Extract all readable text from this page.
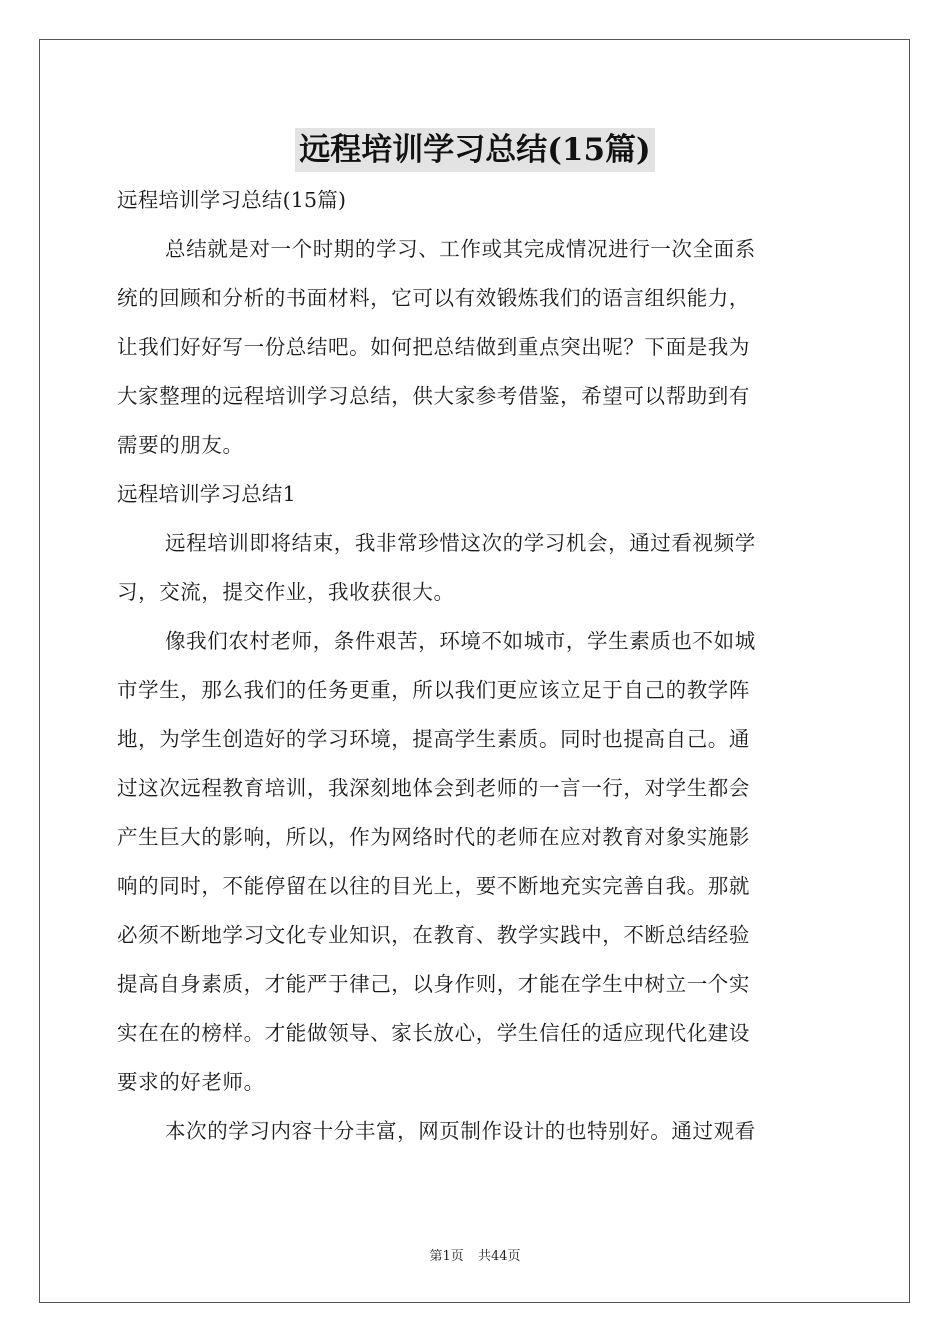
远程培训学习总结(15篇)
远程培训学习总结(15篇)
总结就是对一个时期的学习、工作或其完成情况进行一次全面系
统的回顾和分析的书面材料，它可以有效锻炼我们的语言组织能力，
让我们好好写一份总结吧。如何把总结做到重点突出呢？下面是我为
大家整理的远程培训学习总结，供大家参考借鉴，希望可以帮助到有
需要的朋友。
远程培训学习总结1
远程培训即将结束，我非常珍惜这次的学习机会，通过看视频学
习，交流，提交作业，我收获很大。
像我们农村老师，条件艰苦，环境不如城市，学生素质也不如城
市学生，那么我们的任务更重，所以我们更应该立足于自己的教学阵
地，为学生创造好的学习环境，提高学生素质。同时也提高自己。通
过这次远程教育培训，我深刻地体会到老师的一言一行，对学生都会
产生巨大的影响，所以，作为网络时代的老师在应对教育对象实施影
响的同时，不能停留在以往的目光上，要不断地充实完善自我。那就
必须不断地学习文化专业知识，在教育、教学实践中，不断总结经验
提高自身素质，才能严于律己，以身作则，才能在学生中树立一个实
实在在的榜样。才能做领导、家长放心，学生信任的适应现代化建设
要求的好老师。
本次的学习内容十分丰富，网页制作设计的也特别好。通过观看
第1页 共44页
